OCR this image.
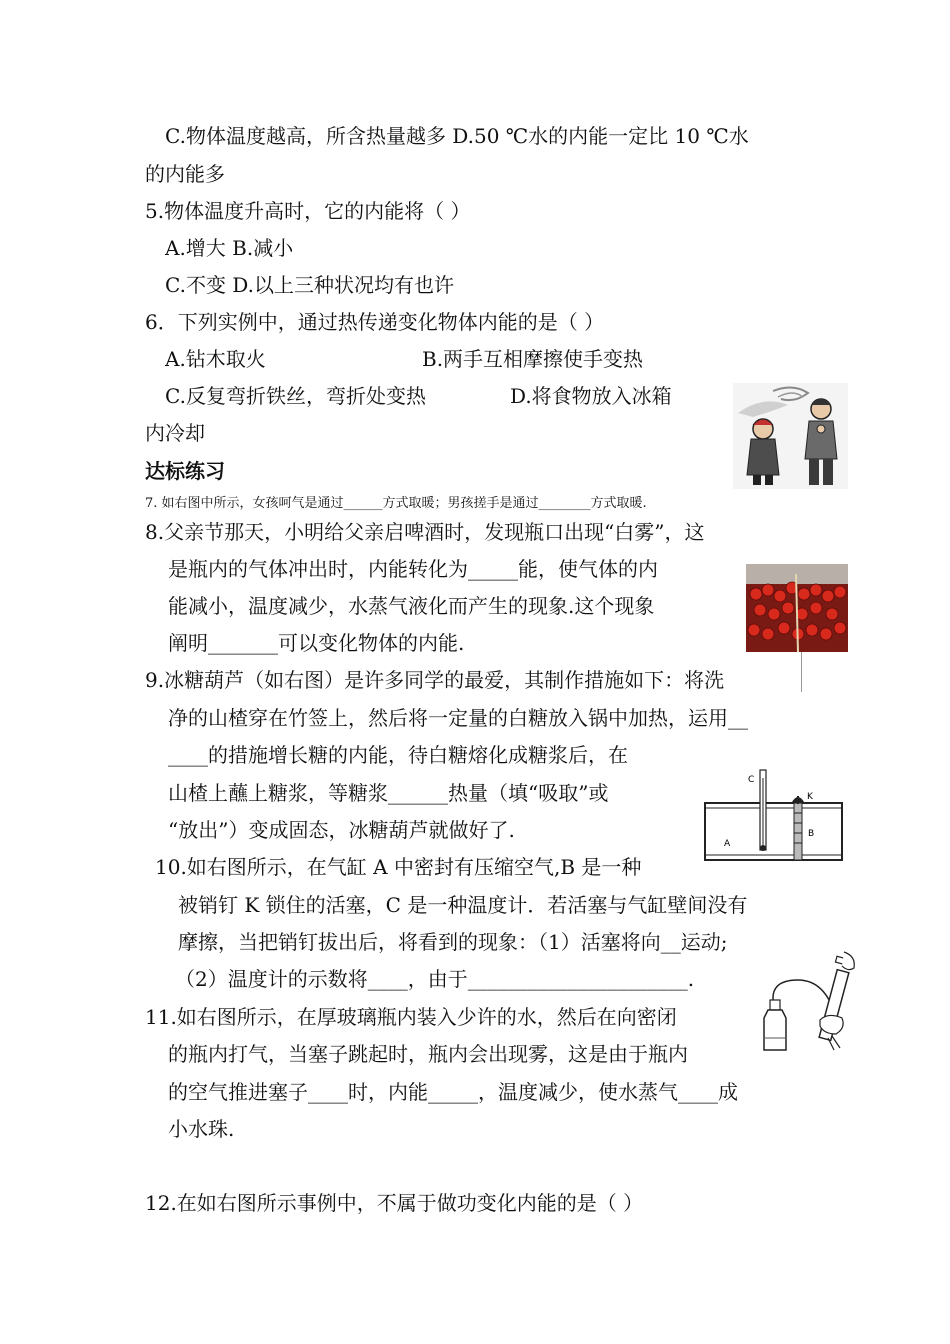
C.物体温度越高，所含热量越多 D.50 ℃水的内能一定比 10 ℃水
的内能多
5.物体温度升高时，它的内能将（ ）
A.增大 B.减小
C.不变 D.以上三种状况均有也许
6．下列实例中，通过热传递变化物体内能的是（ ）
A.钻木取火	B.两手互相摩擦使手变热
C.反复弯折铁丝，弯折处变热	D.将食物放入冰箱
内冷却
达标练习
7. 如右图中所示，女孩呵气是通过______方式取暖；男孩搓手是通过________方式取暖.
8.父亲节那天，小明给父亲启啤酒时，发现瓶口出现“白雾”，这
是瓶内的气体冲出时，内能转化为_____能，使气体的内
能减小，温度减少，水蒸气液化而产生的现象.这个现象
阐明_______可以变化物体的内能.
9.冰糖葫芦（如右图）是许多同学的最爱，其制作措施如下：将洗
净的山楂穿在竹签上，然后将一定量的白糖放入锅中加热，运用__
____的措施增长糖的内能，待白糖熔化成糖浆后，在
山楂上蘸上糖浆，等糖浆______热量（填“吸取”或
“放出”）变成固态，冰糖葫芦就做好了.
10.如右图所示，在气缸 A 中密封有压缩空气,B 是一种
被销钉 K 锁住的活塞，C 是一种温度计．若活塞与气缸壁间没有
摩擦，当把销钉拔出后，将看到的现象：（1）活塞将向__运动;
（2）温度计的示数将____，由于______________________.
11.如右图所示，在厚玻璃瓶内装入少许的水，然后在向密闭
的瓶内打气，当塞子跳起时，瓶内会出现雾，这是由于瓶内
的空气推进塞子____时，内能_____，温度减少，使水蒸气____成
小水珠.
12.在如右图所示事例中，不属于做功变化内能的是（ ）
C
K
A
B
